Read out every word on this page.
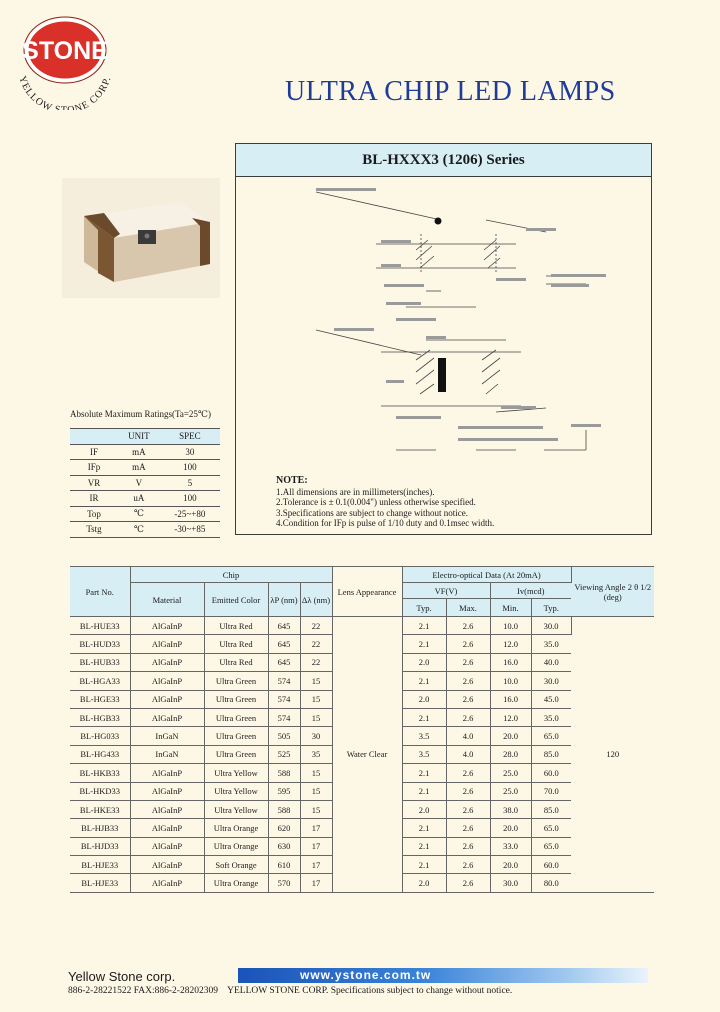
STONE
YELLOW S NE CORP.	ULTRA CHIP LED LAMPS
BL-HXXX3 (1206) Series
NOTE:
1.All dimensions are in millimeters(inches).
2.Tolerance is ± 0.1(0.004") unless otherwise specified.
3.Specifications are subject to change without notice.
4.Condition for IFp is pulse of 1/10 duty and 0.1msec width.
Absolute Maximum Ratings(Ta=25℃)
	UNIT	SPEC
IF	mA	30
IFp	mA	100
VR	V	5
IR	uA	100
Top	℃	-25~+80
Tstg	℃	-30~+85
Part No.	Chip				Lens Appearance	Electro-optical Data (At 20mA)				Viewing Angle 2 θ 1/2 (deg)
	Material	Emitted Color	λP (nm)	Δλ (nm)		VF(V)		Iv(mcd)		
						Typ.	Max.	Min.	Typ.	
BL-HUE33	AlGaInP	Ultra Red	645	22	Water Clear	2.1	2.6	10.0	30.0	120
BL-HUD33	AlGaInP	Ultra Red	645	22		2.1	2.6	12.0	35.0	
BL-HUB33	AlGaInP	Ultra Red	645	22		2.0	2.6	16.0	40.0	
BL-HGA33	AlGaInP	Ultra Green	574	15		2.1	2.6	10.0	30.0	
BL-HGE33	AlGaInP	Ultra Green	574	15		2.0	2.6	16.0	45.0	
BL-HGB33	AlGaInP	Ultra Green	574	15		2.1	2.6	12.0	35.0	
BL-HG033	InGaN	Ultra Green	505	30		3.5	4.0	20.0	65.0	
BL-HG433	InGaN	Ultra Green	525	35		3.5	4.0	28.0	85.0	
BL-HKB33	AlGaInP	Ultra Yellow	588	15		2.1	2.6	25.0	60.0	
BL-HKD33	AlGaInP	Ultra Yellow	595	15		2.1	2.6	25.0	70.0	
BL-HKE33	AlGaInP	Ultra Yellow	588	15		2.0	2.6	38.0	85.0	
BL-HJB33	AlGaInP	Ultra Orange	620	17		2.1	2.6	20.0	65.0	
BL-HJD33	AlGaInP	Ultra Orange	630	17		2.1	2.6	33.0	65.0	
BL-HJE33	AlGaInP	Soft Orange	610	17		2.1	2.6	20.0	60.0	
BL-HJE33	AlGaInP	Ultra Orange	570	17		2.0	2.6	30.0	80.0	
Yellow Stone corp.	www.ystone.com.tw
886-2-28221522 FAX:886-2-28202309 YELLOW STONE CORP. Specifications subject to change without notice.
